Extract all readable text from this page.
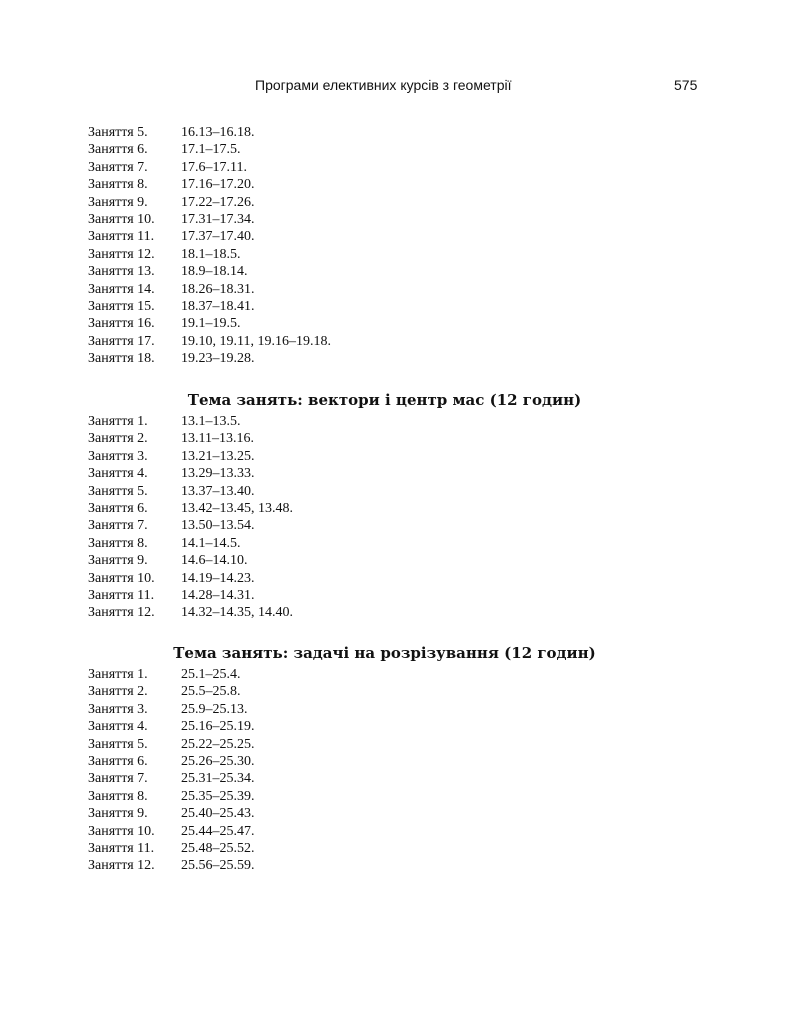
Програми елективних курсів з геометрії	575
Заняття 5.	16.13–16.18.
Заняття 6.	17.1–17.5.
Заняття 7.	17.6–17.11.
Заняття 8.	17.16–17.20.
Заняття 9.	17.22–17.26.
Заняття 10.	17.31–17.34.
Заняття 11.	17.37–17.40.
Заняття 12.	18.1–18.5.
Заняття 13.	18.9–18.14.
Заняття 14.	18.26–18.31.
Заняття 15.	18.37–18.41.
Заняття 16.	19.1–19.5.
Заняття 17.	19.10, 19.11, 19.16–19.18.
Заняття 18.	19.23–19.28.
Тема занять: вектори і центр мас (12 годин)
Заняття 1.	13.1–13.5.
Заняття 2.	13.11–13.16.
Заняття 3.	13.21–13.25.
Заняття 4.	13.29–13.33.
Заняття 5.	13.37–13.40.
Заняття 6.	13.42–13.45, 13.48.
Заняття 7.	13.50–13.54.
Заняття 8.	14.1–14.5.
Заняття 9.	14.6–14.10.
Заняття 10.	14.19–14.23.
Заняття 11.	14.28–14.31.
Заняття 12.	14.32–14.35, 14.40.
Тема занять: задачі на розрізування (12 годин)
Заняття 1.	25.1–25.4.
Заняття 2.	25.5–25.8.
Заняття 3.	25.9–25.13.
Заняття 4.	25.16–25.19.
Заняття 5.	25.22–25.25.
Заняття 6.	25.26–25.30.
Заняття 7.	25.31–25.34.
Заняття 8.	25.35–25.39.
Заняття 9.	25.40–25.43.
Заняття 10.	25.44–25.47.
Заняття 11.	25.48–25.52.
Заняття 12.	25.56–25.59.
